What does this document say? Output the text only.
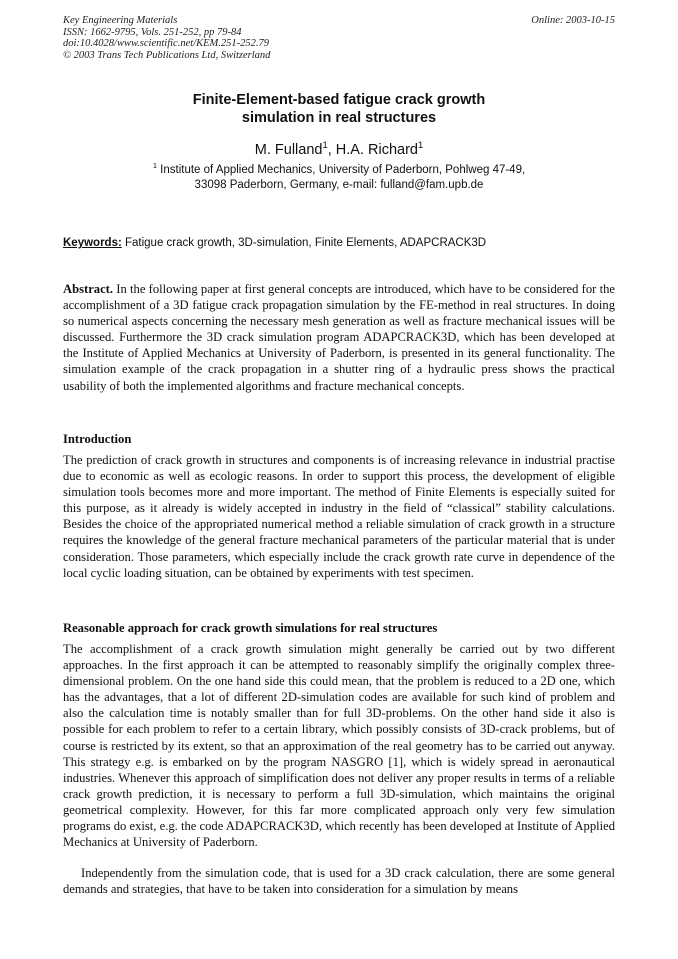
Key Engineering Materials
ISSN: 1662-9795, Vols. 251-252, pp 79-84
doi:10.4028/www.scientific.net/KEM.251-252.79
© 2003 Trans Tech Publications Ltd, Switzerland
Online: 2003-10-15
Finite-Element-based fatigue crack growth
simulation in real structures
M. Fulland$^1$, H.A. Richard$^1$
$^1$ Institute of Applied Mechanics, University of Paderborn, Pohlweg 47-49,
33098 Paderborn, Germany, e-mail: fulland@fam.upb.de
Keywords: Fatigue crack growth, 3D-simulation, Finite Elements, ADAPCRACK3D
Abstract. In the following paper at first general concepts are introduced, which have to be considered for the accomplishment of a 3D fatigue crack propagation simulation by the FE-method in real structures. In doing so numerical aspects concerning the necessary mesh generation as well as fracture mechanical issues will be discussed. Furthermore the 3D crack simulation program ADAPCRACK3D, which has been developed at the Institute of Applied Mechanics at University of Paderborn, is presented in its general functionality. The simulation example of the crack propagation in a shutter ring of a hydraulic press shows the practical usability of both the implemented algorithms and fracture mechanical concepts.
Introduction
The prediction of crack growth in structures and components is of increasing relevance in industrial practise due to economic as well as ecologic reasons. In order to support this process, the development of eligible simulation tools becomes more and more important. The method of Finite Elements is especially suited for this purpose, as it already is widely accepted in industry in the field of “classical” stability calculations. Besides the choice of the appropriated numerical method a reliable simulation of crack growth in a structure requires the knowledge of the general fracture mechanical parameters of the particular material that is under consideration. Those parameters, which especially include the crack growth rate curve in dependence of the local cyclic loading situation, can be obtained by experiments with test specimen.
Reasonable approach for crack growth simulations for real structures
The accomplishment of a crack growth simulation might generally be carried out by two different approaches. In the first approach it can be attempted to reasonably simplify the originally complex three-dimensional problem. On the one hand side this could mean, that the problem is reduced to a 2D one, which has the advantages, that a lot of different 2D-simulation codes are available for such kind of problem and also the calculation time is notably smaller than for full 3D-problems. On the other hand side it also is possible for each problem to refer to a certain library, which possibly consists of 3D-crack problems, but of course is restricted by its extent, so that an approximation of the real geometry has to be carried out anyway. This strategy e.g. is embarked on by the program NASGRO [1], which is widely spread in aeronautical industries. Whenever this approach of simplification does not deliver any proper results in terms of a reliable crack growth prediction, it is necessary to perform a full 3D-simulation, which maintains the original geometrical complexity. However, for this far more complicated approach only very few simulation programs do exist, e.g. the code ADAPCRACK3D, which recently has been developed at Institute of Applied Mechanics at University of Paderborn.
Independently from the simulation code, that is used for a 3D crack calculation, there are some general demands and strategies, that have to be taken into consideration for a simulation by means
